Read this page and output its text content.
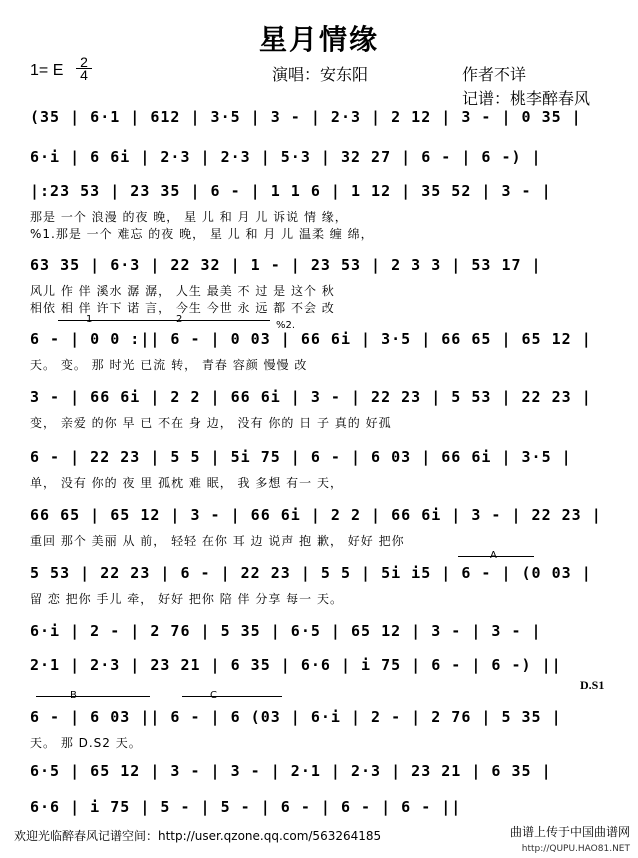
星月情缘
1= E 2
4	演唱：安东阳	作者不详
记谱：桃李醉春风
(35 | 6·1 | 612 | 3·5 | 3 - | 2·3 | 2 12 | 3 - | 0 35 |
6·i | 6 6i | 2·3 | 2·3 | 5·3 | 32 27 | 6 - | 6 -) |
|:23 53 | 23 35 | 6 - | 1 1 6 | 1 12 | 35 52 | 3 - |
那是 一个 浪漫 的夜 晚， 星 儿 和 月 儿 诉说 情 缘，
%1.那是 一个 难忘 的夜 晚， 星 儿 和 月 儿 温柔 缠 绵，
63 35 | 6·3 | 22 32 | 1 - | 23 53 | 2 3 3 | 53 17 |
风儿 作 伴 溪水 潺 潺， 人生 最美 不 过 是 这个 秋
相依 相 伴 许下 诺 言， 今生 今世 永 远 都 不会 改
1	2
%2.
6 - | 0 0 :|| 6 - | 0 03 | 66 6i | 3·5 | 66 65 | 65 12 |
天。 变。 那 时光 已流 转， 青春 容颜 慢慢 改
3 - | 66 6i | 2 2 | 66 6i | 3 - | 22 23 | 5 53 | 22 23 |
变， 亲爱 的你 早 已 不在 身 边， 没有 你的 日 子 真的 好孤
6 - | 22 23 | 5 5 | 5i 75 | 6 - | 6 03 | 66 6i | 3·5 |
单， 没有 你的 夜 里 孤枕 难 眠， 我 多想 有一 天，
66 65 | 65 12 | 3 - | 66 6i | 2 2 | 66 6i | 3 - | 22 23 |
重回 那个 美丽 从 前， 轻轻 在你 耳 边 说声 抱 歉， 好好 把你
A
5 53 | 22 23 | 6 - | 22 23 | 5 5 | 5i i5 | 6 - | (0 03 |
留 恋 把你 手儿 牵， 好好 把你 陪 伴 分享 每一 天。
6·i | 2 - | 2 76 | 5 35 | 6·5 | 65 12 | 3 - | 3 - |
2·1 | 2·3 | 23 21 | 6 35 | 6·6 | i 75 | 6 - | 6 -) ||
D.S1
B	C
6 - | 6 03 || 6 - | 6 (03 | 6·i | 2 - | 2 76 | 5 35 |
天。 那 D.S2 天。
6·5 | 65 12 | 3 - | 3 - | 2·1 | 2·3 | 23 21 | 6 35 |
6·6 | i 75 | 5 - | 5 - | 6 - | 6 - | 6 - ||
欢迎光临醉春风记谱空间：http://user.qzone.qq.com/563264185	曲谱上传于中国曲谱网
http://QUPU.HAO81.NET
